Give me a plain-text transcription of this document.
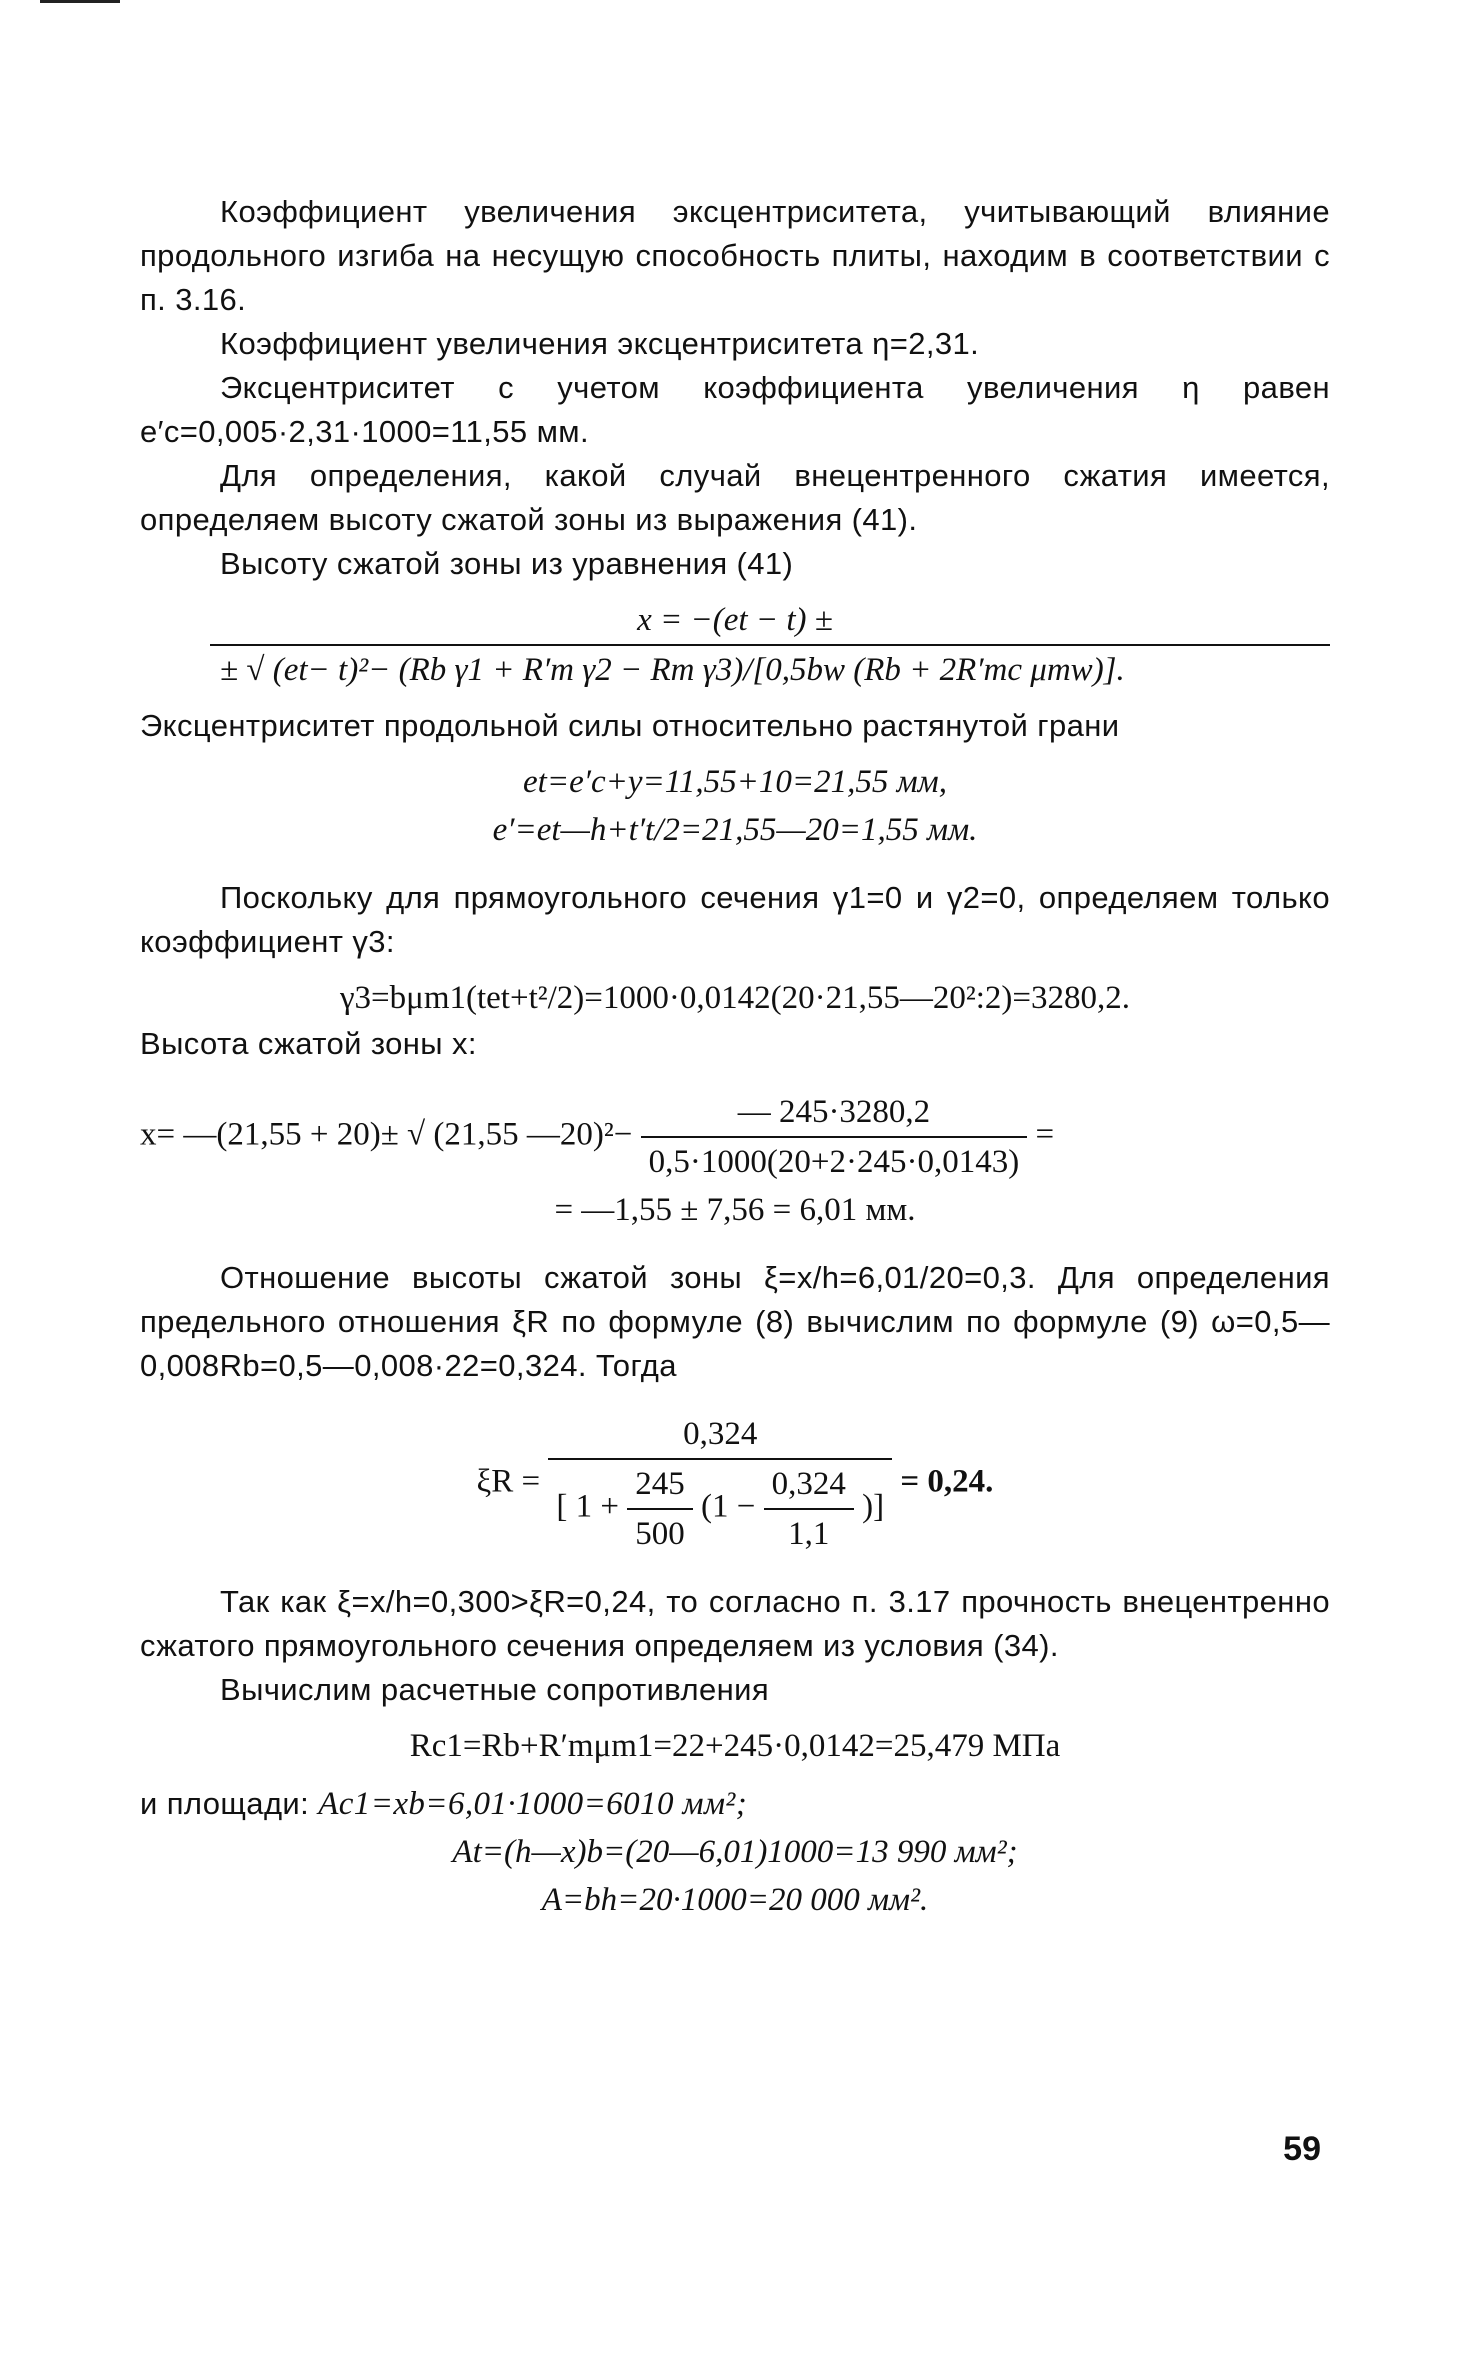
Коэффициент увеличения эксцентриситета, учитывающий влияние продольного изгиба на несущую способность плиты, находим в соответствии с п. 3.16.

Коэффициент увеличения эксцентриситета η=2,31.

Эксцентриситет с учетом коэффициента увеличения η равен e′c=0,005·2,31·1000=11,55 мм.

Для определения, какой случай внецентренного сжатия имеется, определяем высоту сжатой зоны из выражения (41).

Высоту сжатой зоны из уравнения (41)

x = −(et − t) ±

± √ (et− t)²− (Rb γ1 + R′m γ2 − Rm γ3)/[0,5bw (Rb + 2R′mc μmw)].

Эксцентриситет продольной силы относительно растянутой грани

et=e′c+y=11,55+10=21,55 мм,

e′=et—h+t′t/2=21,55—20=1,55 мм.

Поскольку для прямоугольного сечения γ1=0 и γ2=0, определяем только коэффициент γ3:

γ3=bμm1(tet+t²/2)=1000·0,0142(20·21,55—20²:2)=3280,2.

Высота сжатой зоны x:

x= —(21,55 + 20)± √ (21,55 —20)²− $\frac{— 245\cdot 3280,2}{0,5\cdot 1000(20+2\cdot 245\cdot 0,0143)}$ =

= —1,55 ± 7,56 = 6,01 мм.

Отношение высоты сжатой зоны ξ=x/h=6,01/20=0,3. Для определения предельного отношения ξR по формуле (8) вычислим по формуле (9) ω=0,5—0,008Rb=0,5—0,008·22=0,324. Тогда

ξR =
0,324
[ $1 + \frac{245}{500} (1 - \frac{0,324}{1,1}$ )]
= 0,24.

Так как ξ=x/h=0,300>ξR=0,24, то согласно п. 3.17 прочность внецентренно сжатого прямоугольного сечения определяем из условия (34).

Вычислим расчетные сопротивления

Rc1=Rb+R′mμm1=22+245·0,0142=25,479 МПа

и площади: Ac1=xb=6,01·1000=6010 мм²;

At=(h—x)b=(20—6,01)1000=13 990 мм²;

A=bh=20·1000=20 000 мм².

59
